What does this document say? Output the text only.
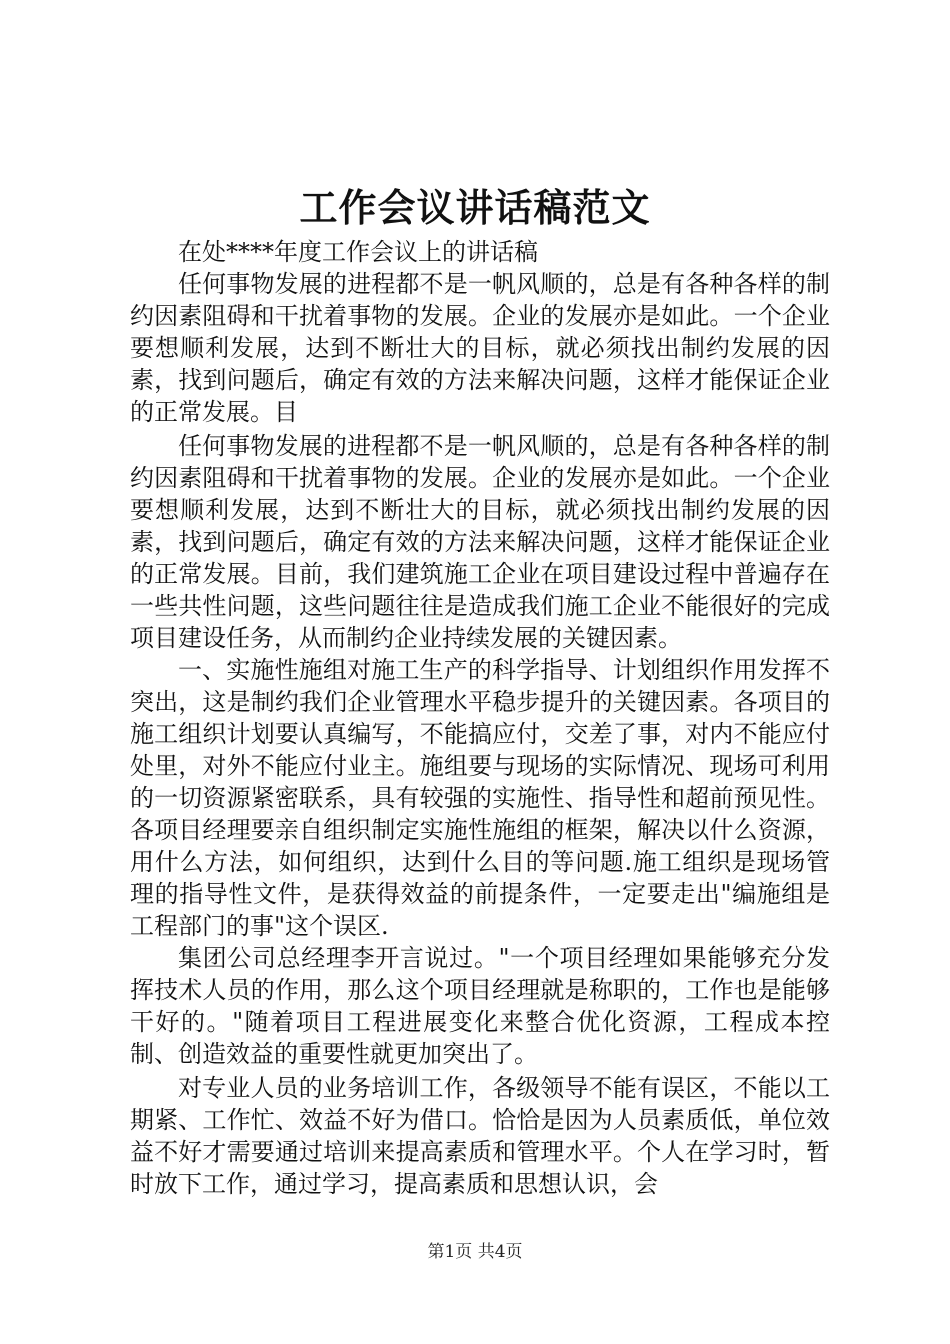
工作会议讲话稿范文

在处****年度工作会议上的讲话稿

任何事物发展的进程都不是一帆风顺的，总是有各种各样的制约因素阻碍和干扰着事物的发展。企业的发展亦是如此。一个企业要想顺利发展，达到不断壮大的目标，就必须找出制约发展的因素，找到问题后，确定有效的方法来解决问题，这样才能保证企业的正常发展。目

任何事物发展的进程都不是一帆风顺的，总是有各种各样的制约因素阻碍和干扰着事物的发展。企业的发展亦是如此。一个企业要想顺利发展，达到不断壮大的目标，就必须找出制约发展的因素，找到问题后，确定有效的方法来解决问题，这样才能保证企业的正常发展。目前，我们建筑施工企业在项目建设过程中普遍存在一些共性问题，这些问题往往是造成我们施工企业不能很好的完成项目建设任务，从而制约企业持续发展的关键因素。

一、实施性施组对施工生产的科学指导、计划组织作用发挥不突出，这是制约我们企业管理水平稳步提升的关键因素。各项目的施工组织计划要认真编写，不能搞应付，交差了事，对内不能应付处里，对外不能应付业主。施组要与现场的实际情况、现场可利用的一切资源紧密联系，具有较强的实施性、指导性和超前预见性。各项目经理要亲自组织制定实施性施组的框架，解决以什么资源，用什么方法，如何组织，达到什么目的等问题.施工组织是现场管理的指导性文件，是获得效益的前提条件，一定要走出"编施组是工程部门的事"这个误区.

集团公司总经理李开言说过。"一个项目经理如果能够充分发挥技术人员的作用，那么这个项目经理就是称职的，工作也是能够干好的。"随着项目工程进展变化来整合优化资源，工程成本控制、创造效益的重要性就更加突出了。

对专业人员的业务培训工作，各级领导不能有误区，不能以工期紧、工作忙、效益不好为借口。恰恰是因为人员素质低，单位效益不好才需要通过培训来提高素质和管理水平。个人在学习时，暂时放下工作，通过学习，提高素质和思想认识，会

第1页 共4页
